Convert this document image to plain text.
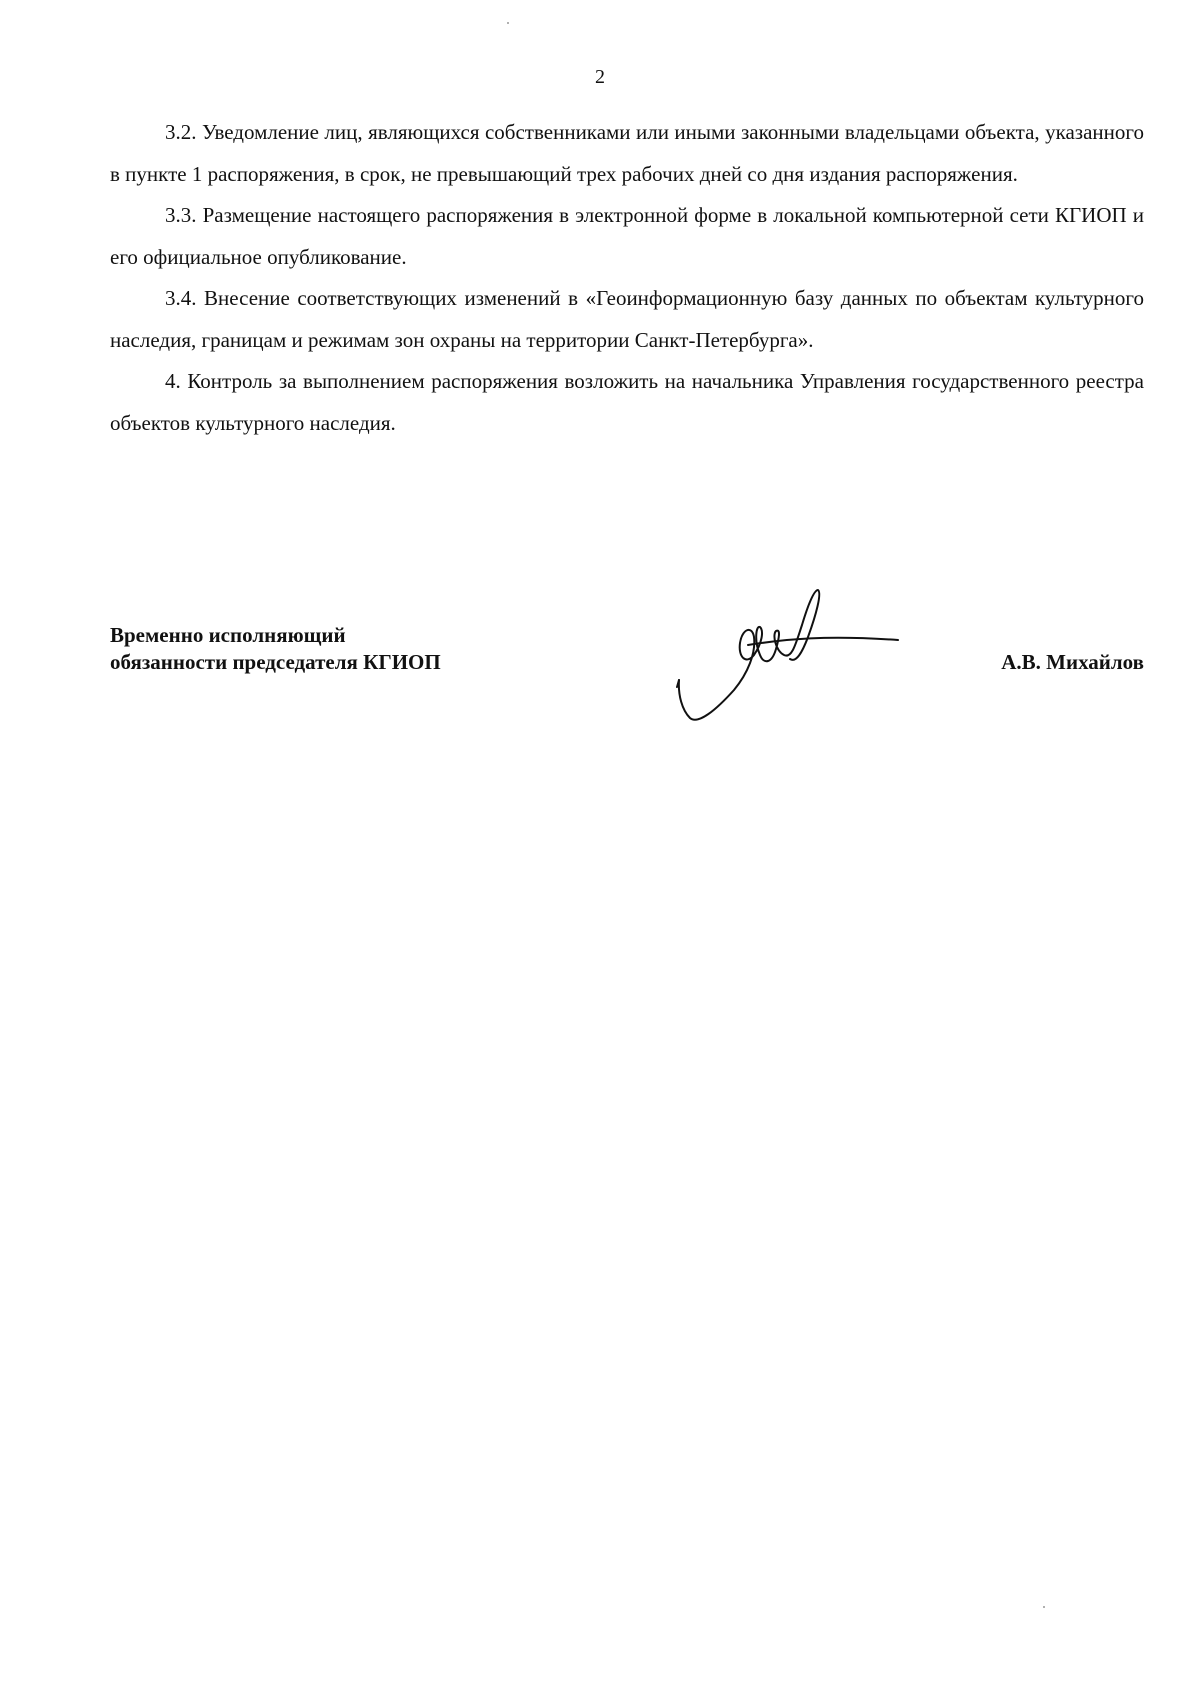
2

3.2. Уведомление лиц, являющихся собственниками или иными законными владельцами объекта, указанного в пункте 1 распоряжения, в срок, не превышающий трех рабочих дней со дня издания распоряжения.

3.3. Размещение настоящего распоряжения в электронной форме в локальной компьютерной сети КГИОП и его официальное опубликование.

3.4. Внесение соответствующих изменений в «Геоинформационную базу данных по объектам культурного наследия, границам и режимам зон охраны на территории Санкт-Петербурга».

4. Контроль за выполнением распоряжения возложить на начальника Управления государственного реестра объектов культурного наследия.

Временно исполняющий
обязанности председателя КГИОП	А.В. Михайлов
